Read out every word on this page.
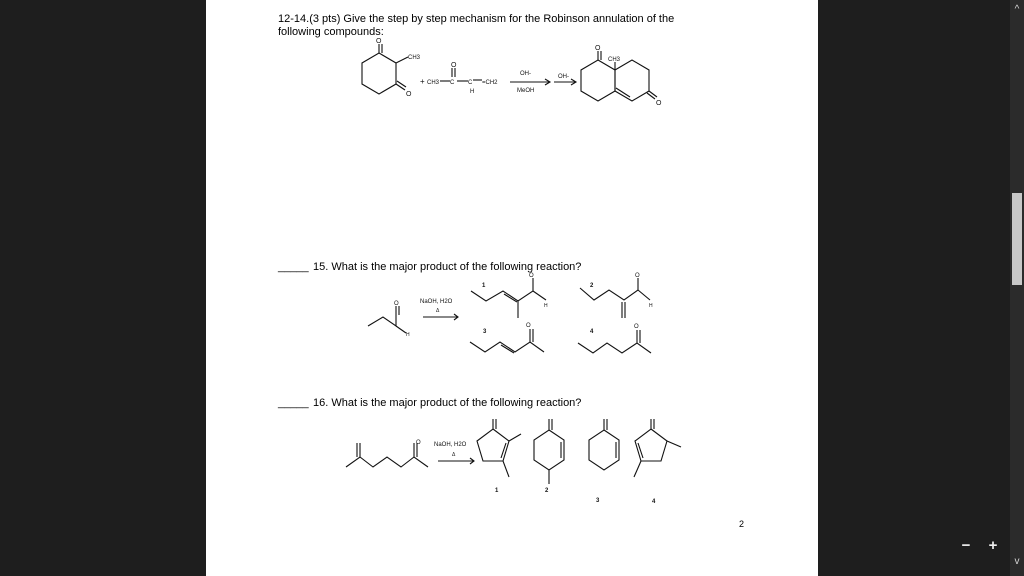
12-14.(3 pts) Give the step by step mechanism for the Robinson annulation of the
following compounds:
_____ 15. What is the major product of the following reaction?
_____ 16. What is the major product of the following reaction?
2
O
O
CH3
+ CH3 C
O
C
H
=CH2
OH-
MeOH
OH-
O
CH3
O
O
H
NaOH, H2O
Δ
1
H
O
2
H
O
3
O
4
O
O NaOH, H2O
Δ
1	2
3	4
− +
^
v
